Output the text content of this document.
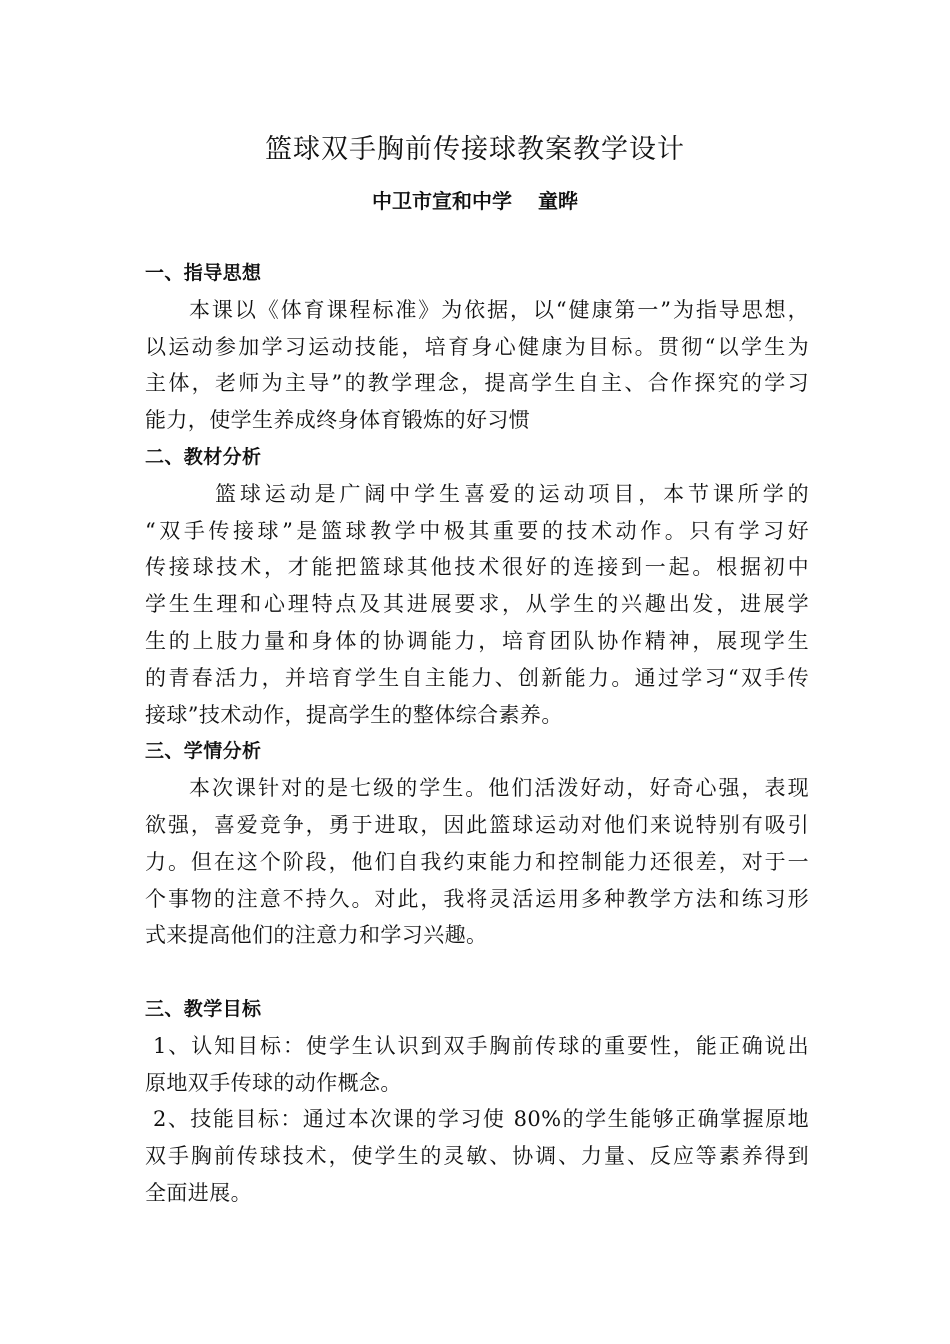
篮球双手胸前传接球教案教学设计
中卫市宣和中学 童晔
一、指导思想
本课以《体育课程标准》为依据，以“健康第一”为指导思想，
以运动参加学习运动技能，培育身心健康为目标。贯彻“以学生为
主体，老师为主导”的教学理念，提高学生自主、合作探究的学习
能力，使学生养成终身体育锻炼的好习惯
二、教材分析
篮球运动是广阔中学生喜爱的运动项目，本节课所学的
“双手传接球”是篮球教学中极其重要的技术动作。只有学习好
传接球技术，才能把篮球其他技术很好的连接到一起。根据初中
学生生理和心理特点及其进展要求，从学生的兴趣出发，进展学
生的上肢力量和身体的协调能力，培育团队协作精神，展现学生
的青春活力，并培育学生自主能力、创新能力。通过学习“双手传
接球”技术动作，提高学生的整体综合素养。
三、学情分析
本次课针对的是七级的学生。他们活泼好动，好奇心强，表现
欲强，喜爱竞争，勇于进取，因此篮球运动对他们来说特别有吸引
力。但在这个阶段，他们自我约束能力和控制能力还很差，对于一
个事物的注意不持久。对此，我将灵活运用多种教学方法和练习形
式来提高他们的注意力和学习兴趣。
三、教学目标
1、认知目标：使学生认识到双手胸前传球的重要性，能正确说出
原地双手传球的动作概念。
2、技能目标：通过本次课的学习使 80%的学生能够正确掌握原地
双手胸前传球技术，使学生的灵敏、协调、力量、反应等素养得到
全面进展。
